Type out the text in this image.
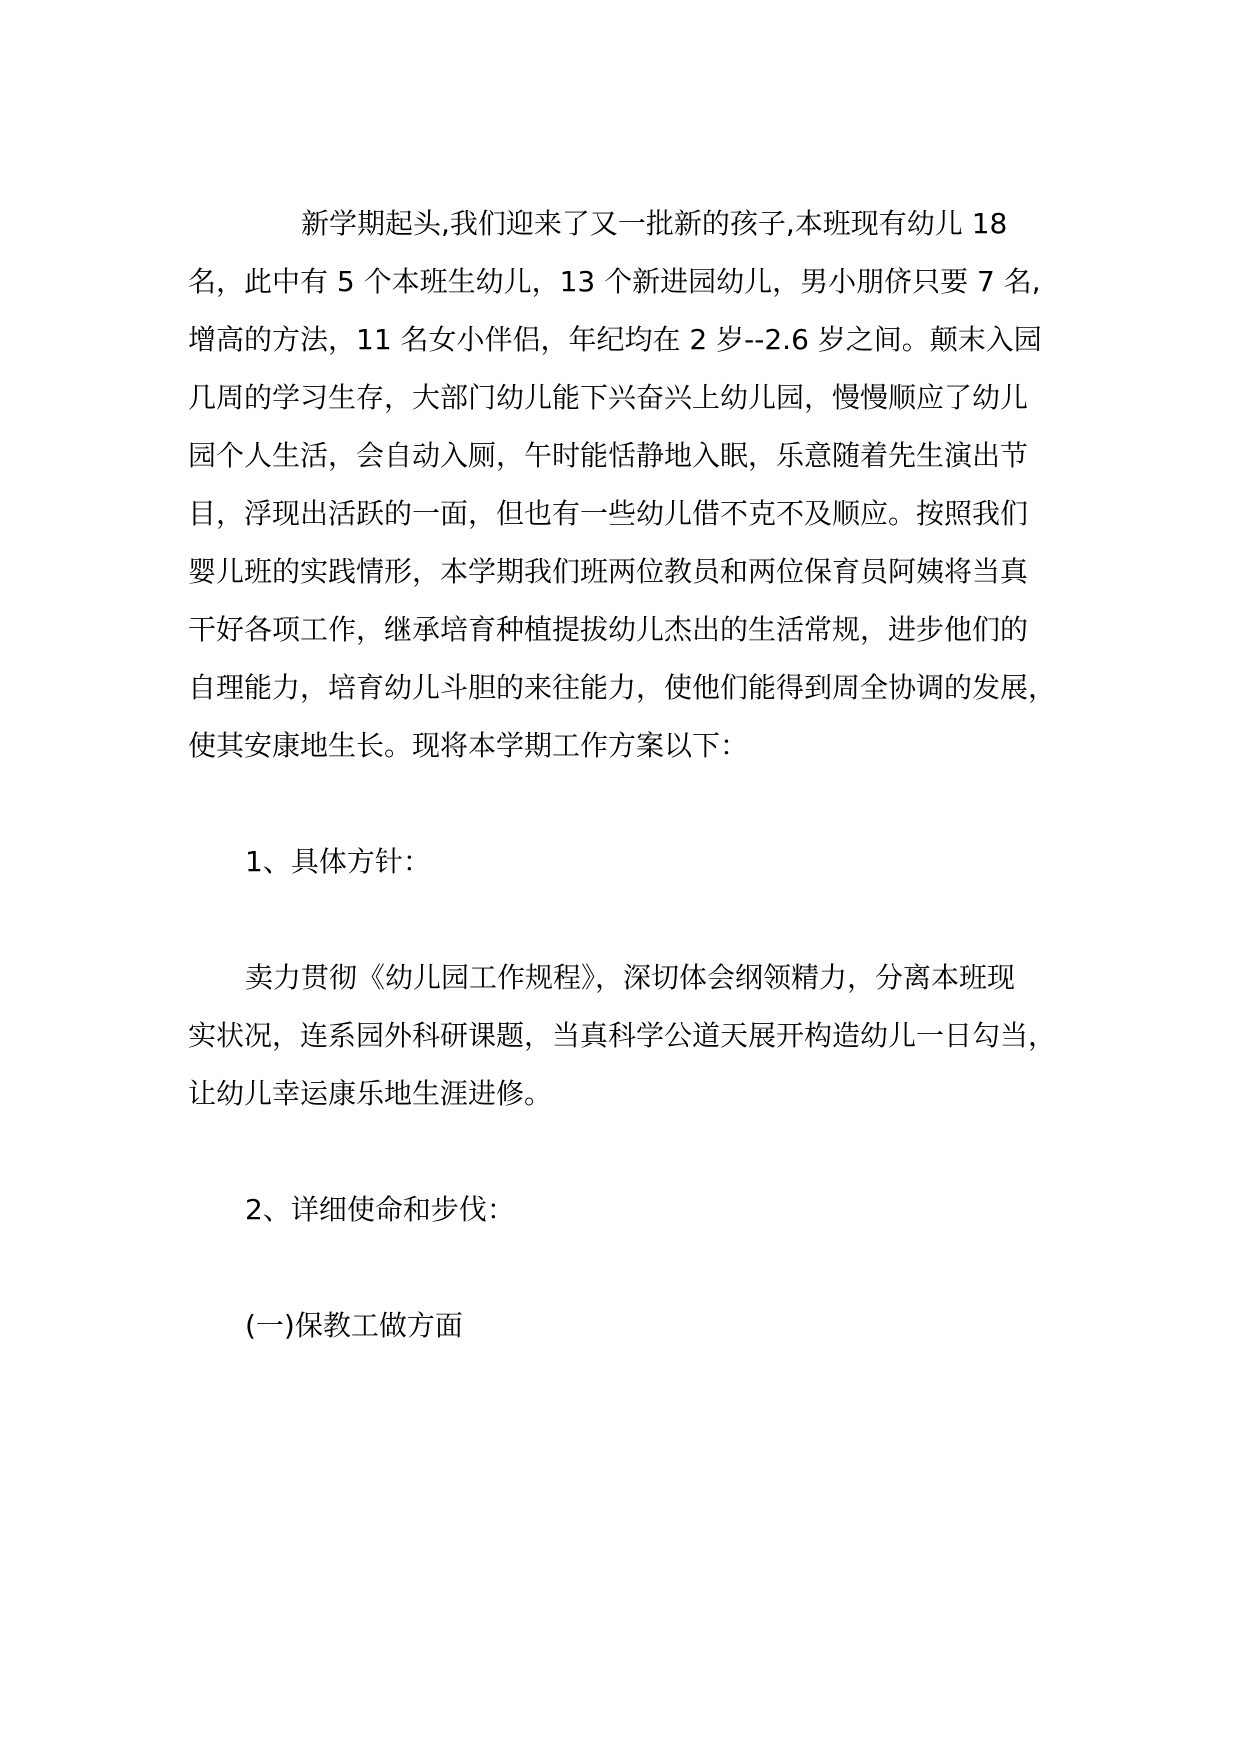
新学期起头,我们迎来了又一批新的孩子,本班现有幼儿 18
名，此中有 5 个本班生幼儿，13 个新进园幼儿，男小朋侪只要 7 名,
增高的方法，11 名女小伴侣，年纪均在 2 岁--2.6 岁之间。颠末入园
几周的学习生存，大部门幼儿能下兴奋兴上幼儿园，慢慢顺应了幼儿
园个人生活，会自动入厕，午时能恬静地入眠，乐意随着先生演出节
目，浮现出活跃的一面，但也有一些幼儿借不克不及顺应。按照我们
婴儿班的实践情形，本学期我们班两位教员和两位保育员阿姨将当真
干好各项工作，继承培育种植提拔幼儿杰出的生活常规，进步他们的
自理能力，培育幼儿斗胆的来往能力，使他们能得到周全协调的发展，
使其安康地生长。现将本学期工作方案以下：
1、具体方针：
卖力贯彻《幼儿园工作规程》，深切体会纲领精力，分离本班现
实状况，连系园外科研课题，当真科学公道天展开构造幼儿一日勾当，
让幼儿幸运康乐地生涯进修。
2、详细使命和步伐：
(一)保教工做方面
